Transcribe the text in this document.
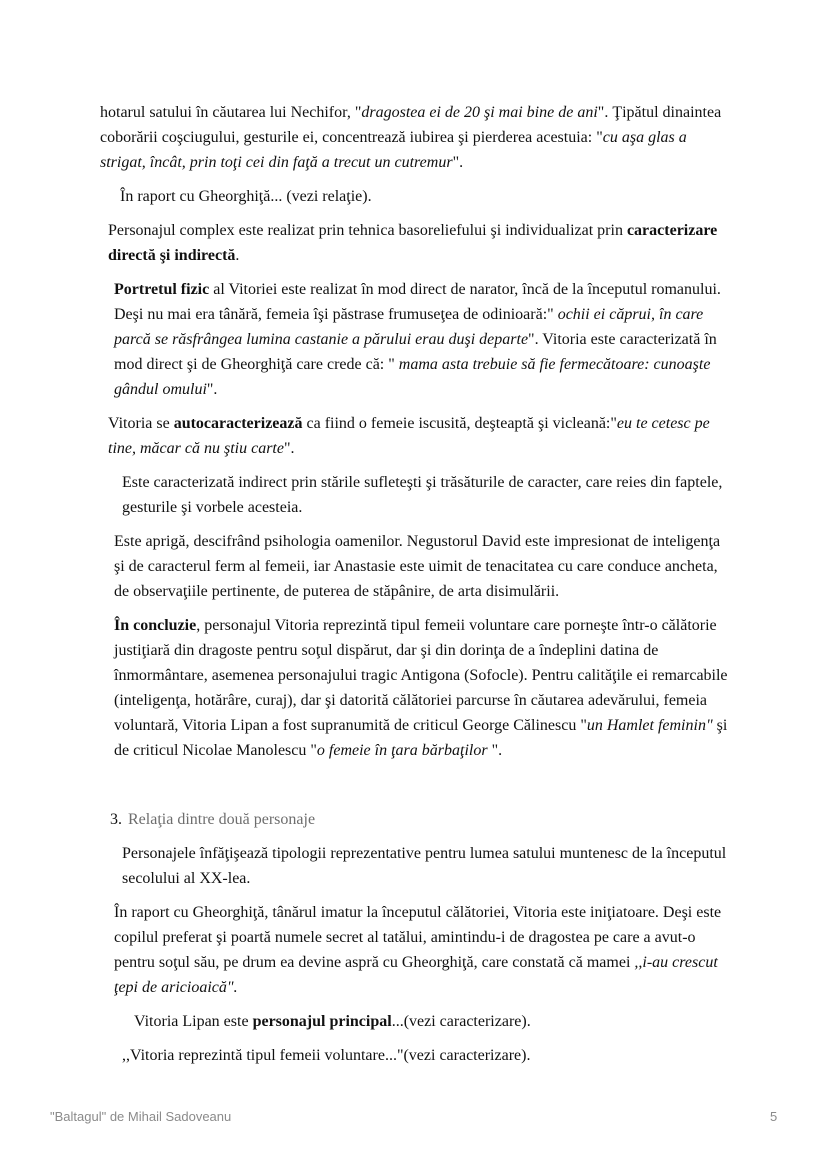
hotarul satului în căutarea lui Nechifor, "dragostea ei de 20 şi mai bine de ani". Ţipătul dinaintea coborării coşciugului, gesturile ei, concentrează iubirea şi pierderea acestuia: "cu aşa glas a strigat, încât, prin toţi cei din faţă a trecut un cutremur".

În raport cu Gheorghiţă... (vezi relaţie).

Personajul complex este realizat prin tehnica basoreliefului şi individualizat prin caracterizare directă şi indirectă.

Portretul fizic al Vitoriei este realizat în mod direct de narator, încă de la începutul romanului. Deşi nu mai era tânără, femeia îşi păstrase frumuseţea de odinioară:" ochii ei căprui, în care parcă se răsfrângea lumina castanie a părului erau duşi departe". Vitoria este caracterizată în mod direct şi de Gheorghiţă care crede că: " mama asta trebuie să fie fermecătoare: cunoaşte gândul omului".

Vitoria se autocaracterizează ca fiind o femeie iscusită, deşteaptă şi vicleană:"eu te cetesc pe tine, măcar că nu ştiu carte".

Este caracterizată indirect prin stările sufleteşti şi trăsăturile de caracter, care reies din faptele, gesturile şi vorbele acesteia.

Este aprigă, descifrând psihologia oamenilor. Negustorul David este impresionat de inteligenţa şi de caracterul ferm al femeii, iar Anastasie este uimit de tenacitatea cu care conduce ancheta, de observaţiile pertinente, de puterea de stăpânire, de arta disimulării.

În concluzie, personajul Vitoria reprezintă tipul femeii voluntare care porneşte într-o călătorie justiţiară din dragoste pentru soţul dispărut, dar şi din dorinţa de a îndeplini datina de înmormântare, asemenea personajului tragic Antigona (Sofocle). Pentru calităţile ei remarcabile (inteligenţa, hotărâre, curaj), dar şi datorită călătoriei parcurse în căutarea adevărului, femeia voluntară, Vitoria Lipan a fost supranumită de criticul George Călinescu "un Hamlet feminin" şi de criticul Nicolae Manolescu "o femeie în ţara bărbaţilor ".

3. Relaţia dintre două personaje

Personajele înfăţişează tipologii reprezentative pentru lumea satului muntenesc de la începutul secolului al XX-lea.

În raport cu Gheorghiţă, tânărul imatur la începutul călătoriei, Vitoria este iniţiatoare. Deşi este copilul preferat şi poartă numele secret al tatălui, amintindu-i de dragostea pe care a avut-o pentru soţul său, pe drum ea devine aspră cu Gheorghiţă, care constată că mamei ,,i-au crescut ţepi de aricioaică".

Vitoria Lipan este personajul principal...(vezi caracterizare).

,,Vitoria reprezintă tipul femeii voluntare..."(vezi caracterizare).

"Baltagul" de Mihail Sadoveanu	5
